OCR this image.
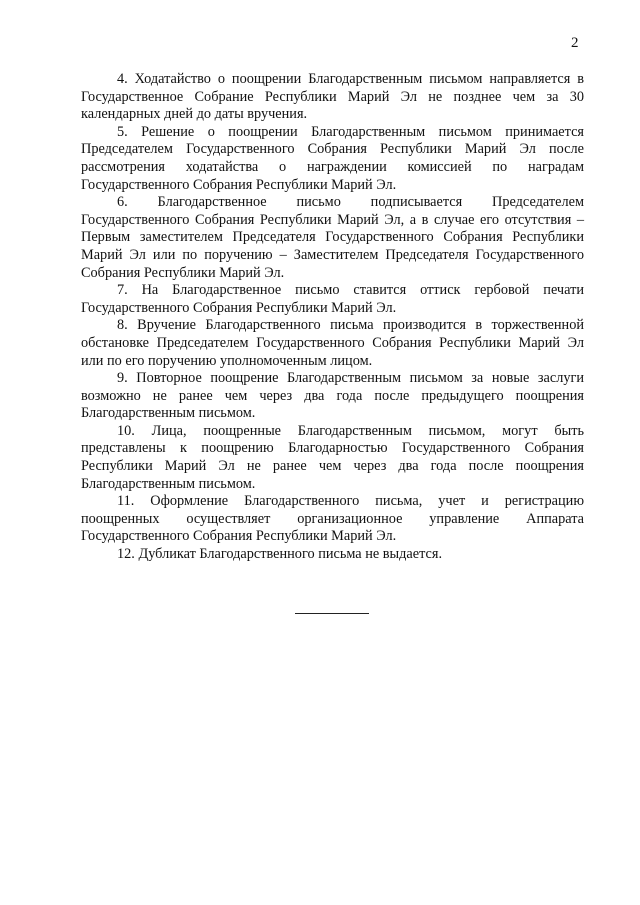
2

4. Ходатайство о поощрении Благодарственным письмом направляется в Государственное Собрание Республики Марий Эл не позднее чем за 30 календарных дней до даты вручения.

5. Решение о поощрении Благодарственным письмом принимается Председателем Государственного Собрания Республики Марий Эл после рассмотрения ходатайства о награждении комиссией по наградам Государственного Собрания Республики Марий Эл.

6. Благодарственное письмо подписывается Председателем Государственного Собрания Республики Марий Эл, а в случае его отсутствия – Первым заместителем Председателя Государственного Собрания Республики Марий Эл или по поручению – Заместителем Председателя Государственного Собрания Республики Марий Эл.

7. На Благодарственное письмо ставится оттиск гербовой печати Государственного Собрания Республики Марий Эл.

8. Вручение Благодарственного письма производится в торжественной обстановке Председателем Государственного Собрания Республики Марий Эл или по его поручению уполномоченным лицом.

9. Повторное поощрение Благодарственным письмом за новые заслуги возможно не ранее чем через два года после предыдущего поощрения Благодарственным письмом.

10. Лица, поощренные Благодарственным письмом, могут быть представлены к поощрению Благодарностью Государственного Собрания Республики Марий Эл не ранее чем через два года после поощрения Благодарственным письмом.

11. Оформление Благодарственного письма, учет и регистрацию поощренных осуществляет организационное управление Аппарата Государственного Собрания Республики Марий Эл.

12. Дубликат Благодарственного письма не выдается.
